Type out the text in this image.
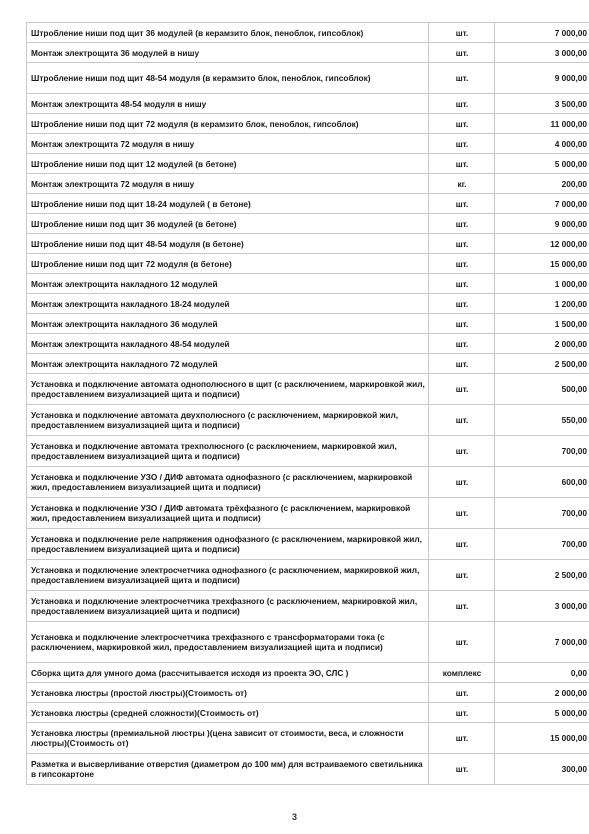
Штробление ниши под щит 36 модулей (в керамзито блок, пеноблок, гипсоблок)	шт.	7 000,00
Монтаж электрощита 36 модулей в нишу	шт.	3 000,00
Штробление ниши под щит 48-54 модуля (в керамзито блок, пеноблок, гипсоблок)	шт.	9 000,00
Монтаж электрощита 48-54 модуля в нишу	шт.	3 500,00
Штробление ниши под щит 72 модуля (в керамзито блок, пеноблок, гипсоблок)	шт.	11 000,00
Монтаж электрощита 72 модуля в нишу	шт.	4 000,00
Штробление ниши под щит 12 модулей (в бетоне)	шт.	5 000,00
Монтаж электрощита 72 модуля в нишу	кг.	200,00
Штробление ниши под щит 18-24 модулей ( в бетоне)	шт.	7 000,00
Штробление ниши под щит 36 модулей (в бетоне)	шт.	9 000,00
Штробление ниши под щит 48-54 модуля (в бетоне)	шт.	12 000,00
Штробление ниши под щит 72 модуля (в бетоне)	шт.	15 000,00
Монтаж электрощита накладного 12 модулей	шт.	1 000,00
Монтаж электрощита накладного 18-24 модулей	шт.	1 200,00
Монтаж электрощита накладного 36 модулей	шт.	1 500,00
Монтаж электрощита накладного 48-54 модулей	шт.	2 000,00
Монтаж электрощита накладного 72 модулей	шт.	2 500,00
Установка и подключение автомата однополюсного в щит (с расключением, маркировкой жил, предоставлением визуализацией щита и подписи)	шт.	500,00
Установка и подключение автомата двухполюсного (с расключением, маркировкой жил, предоставлением визуализацией щита и подписи)	шт.	550,00
Установка и подключение автомата трехполюсного (с расключением, маркировкой жил, предоставлением визуализацией щита и подписи)	шт.	700,00
Установка и подключение УЗО / ДИФ автомата однофазного (с расключением, маркировкой жил, предоставлением визуализацией щита и подписи)	шт.	600,00
Установка и подключение УЗО / ДИФ автомата трёхфазного (с расключением, маркировкой жил, предоставлением визуализацией щита и подписи)	шт.	700,00
Установка и подключение реле напряжения однофазного (с расключением, маркировкой жил, предоставлением визуализацией щита и подписи)	шт.	700,00
Установка и подключение электросчетчика однофазного (с расключением, маркировкой жил, предоставлением визуализацией щита и подписи)	шт.	2 500,00
Установка и подключение электросчетчика трехфазного (с расключением, маркировкой жил, предоставлением визуализацией щита и подписи)	шт.	3 000,00
Установка и подключение электросчетчика трехфазного с трансформаторами тока (с расключением, маркировкой жил, предоставлением визуализацией щита и подписи)	шт.	7 000,00
Сборка щита для умного дома (рассчитывается исходя из проекта ЭО, СЛС )	комплекс	0,00
Установка люстры (простой люстры)(Стоимость от)	шт.	2 000,00
Установка люстры (средней сложности)(Стоимость от)	шт.	5 000,00
Установка люстры (премиальной люстры )(цена зависит от стоимости, веса, и сложности люстры)(Стоимость от)	шт.	15 000,00
Разметка и высверливание отверстия (диаметром до 100 мм) для встраиваемого светильника в гипсокартоне	шт.	300,00
3
